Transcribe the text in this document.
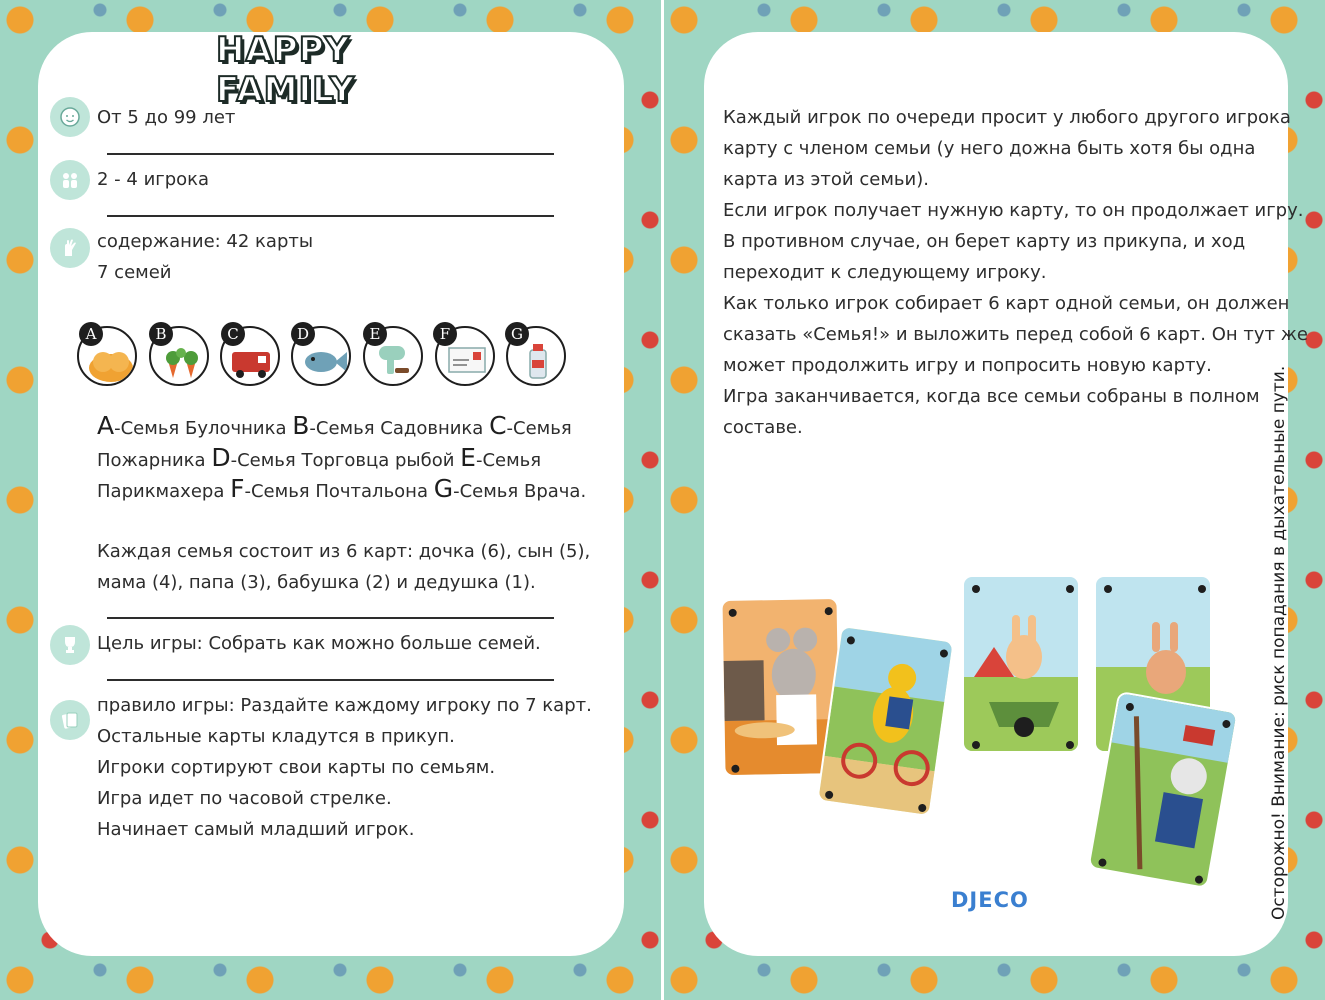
HAPPY FAMILY
От 5 до 99 лет
2 - 4 игрока
содержание: 42 карты
7 семей
A	B	C	D	E	F	G
A-Семья Булочника B-Семья Садовника C-Семья
Пожарника D-Семья Торговца рыбой E-Семья
Парикмахера F-Семья Почтальона G-Семья Врача.
Каждая семья состоит из 6 карт: дочка (6), сын (5),
мама (4), папа (3), бабушка (2) и дедушка (1).
Цель игры: Собрать как можно больше семей.
правило игры: Раздайте каждому игроку по 7 карт.
Остальные карты кладутся в прикуп.
Игроки сортируют свои карты по семьям.
Игра идет по часовой стрелке.
Начинает самый младший игрок.
Каждый игрок по очереди просит у любого другого игрока
карту с членом семьи (у него дожна быть хотя бы одна
карта из этой семьи).
Если игрок получает нужную карту, то он продолжает игру.
В противном случае, он берет карту из прикупа, и ход
переходит к следующему игроку.
Как только игрок собирает 6 карт одной семьи, он должен
сказать «Семья!» и выложить перед собой 6 карт. Он тут же
может продолжить игру и попросить новую карту.
Игра заканчивается, когда все семьи собраны в полном
составе.
DJECO	Осторожно! Внимание: риск попадания в дыхательные пути.
